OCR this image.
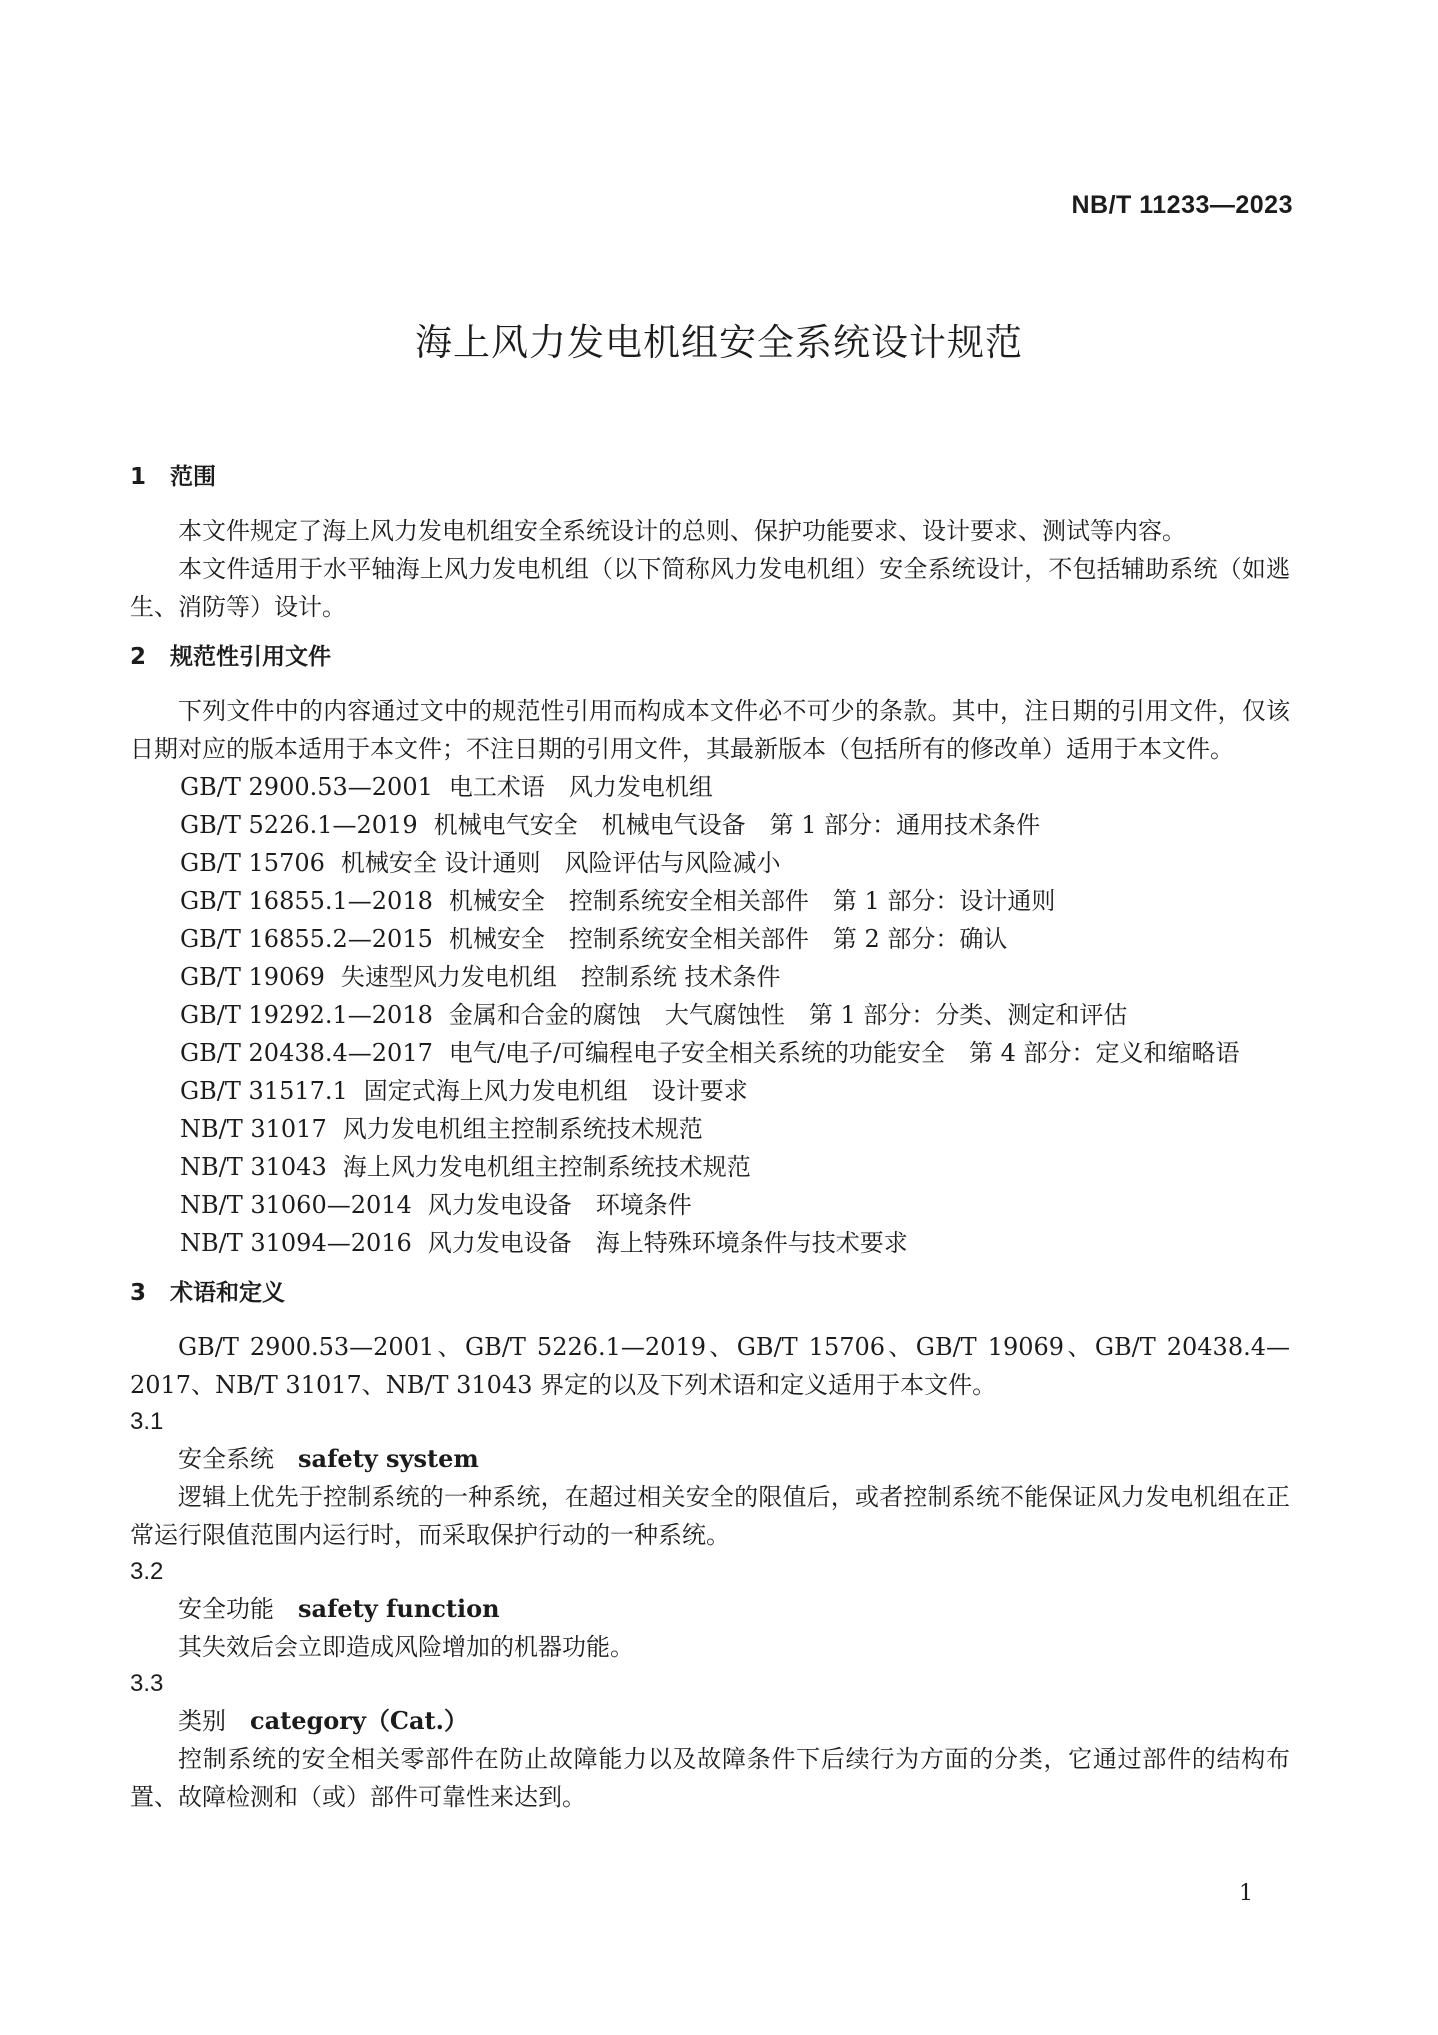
NB/T 11233—2023
海上风力发电机组安全系统设计规范
1 范围

本文件规定了海上风力发电机组安全系统设计的总则、保护功能要求、设计要求、测试等内容。

本文件适用于水平轴海上风力发电机组（以下简称风力发电机组）安全系统设计，不包括辅助系统（如逃生、消防等）设计。

2 规范性引用文件

下列文件中的内容通过文中的规范性引用而构成本文件必不可少的条款。其中，注日期的引用文件，仅该日期对应的版本适用于本文件；不注日期的引用文件，其最新版本（包括所有的修改单）适用于本文件。

GB/T 2900.53—2001 电工术语　风力发电机组
GB/T 5226.1—2019 机械电气安全　机械电气设备　第 1 部分：通用技术条件
GB/T 15706 机械安全 设计通则　风险评估与风险减小
GB/T 16855.1—2018 机械安全　控制系统安全相关部件　第 1 部分：设计通则
GB/T 16855.2—2015 机械安全　控制系统安全相关部件　第 2 部分：确认
GB/T 19069 失速型风力发电机组　控制系统 技术条件
GB/T 19292.1—2018 金属和合金的腐蚀　大气腐蚀性　第 1 部分：分类、测定和评估
GB/T 20438.4—2017 电气/电子/可编程电子安全相关系统的功能安全　第 4 部分：定义和缩略语
GB/T 31517.1 固定式海上风力发电机组　设计要求
NB/T 31017 风力发电机组主控制系统技术规范
NB/T 31043 海上风力发电机组主控制系统技术规范
NB/T 31060—2014 风力发电设备　环境条件
NB/T 31094—2016 风力发电设备　海上特殊环境条件与技术要求
3 术语和定义

GB/T 2900.53—2001、GB/T 5226.1—2019、GB/T 15706、GB/T 19069、GB/T 20438.4—2017、NB/T 31017、NB/T 31043 界定的以及下列术语和定义适用于本文件。

3.1
安全系统 safety system

逻辑上优先于控制系统的一种系统，在超过相关安全的限值后，或者控制系统不能保证风力发电机组在正常运行限值范围内运行时，而采取保护行动的一种系统。

3.2
安全功能 safety function

其失效后会立即造成风险增加的机器功能。

3.3
类别 category（Cat.）

控制系统的安全相关零部件在防止故障能力以及故障条件下后续行为方面的分类，它通过部件的结构布置、故障检测和（或）部件可靠性来达到。

1
